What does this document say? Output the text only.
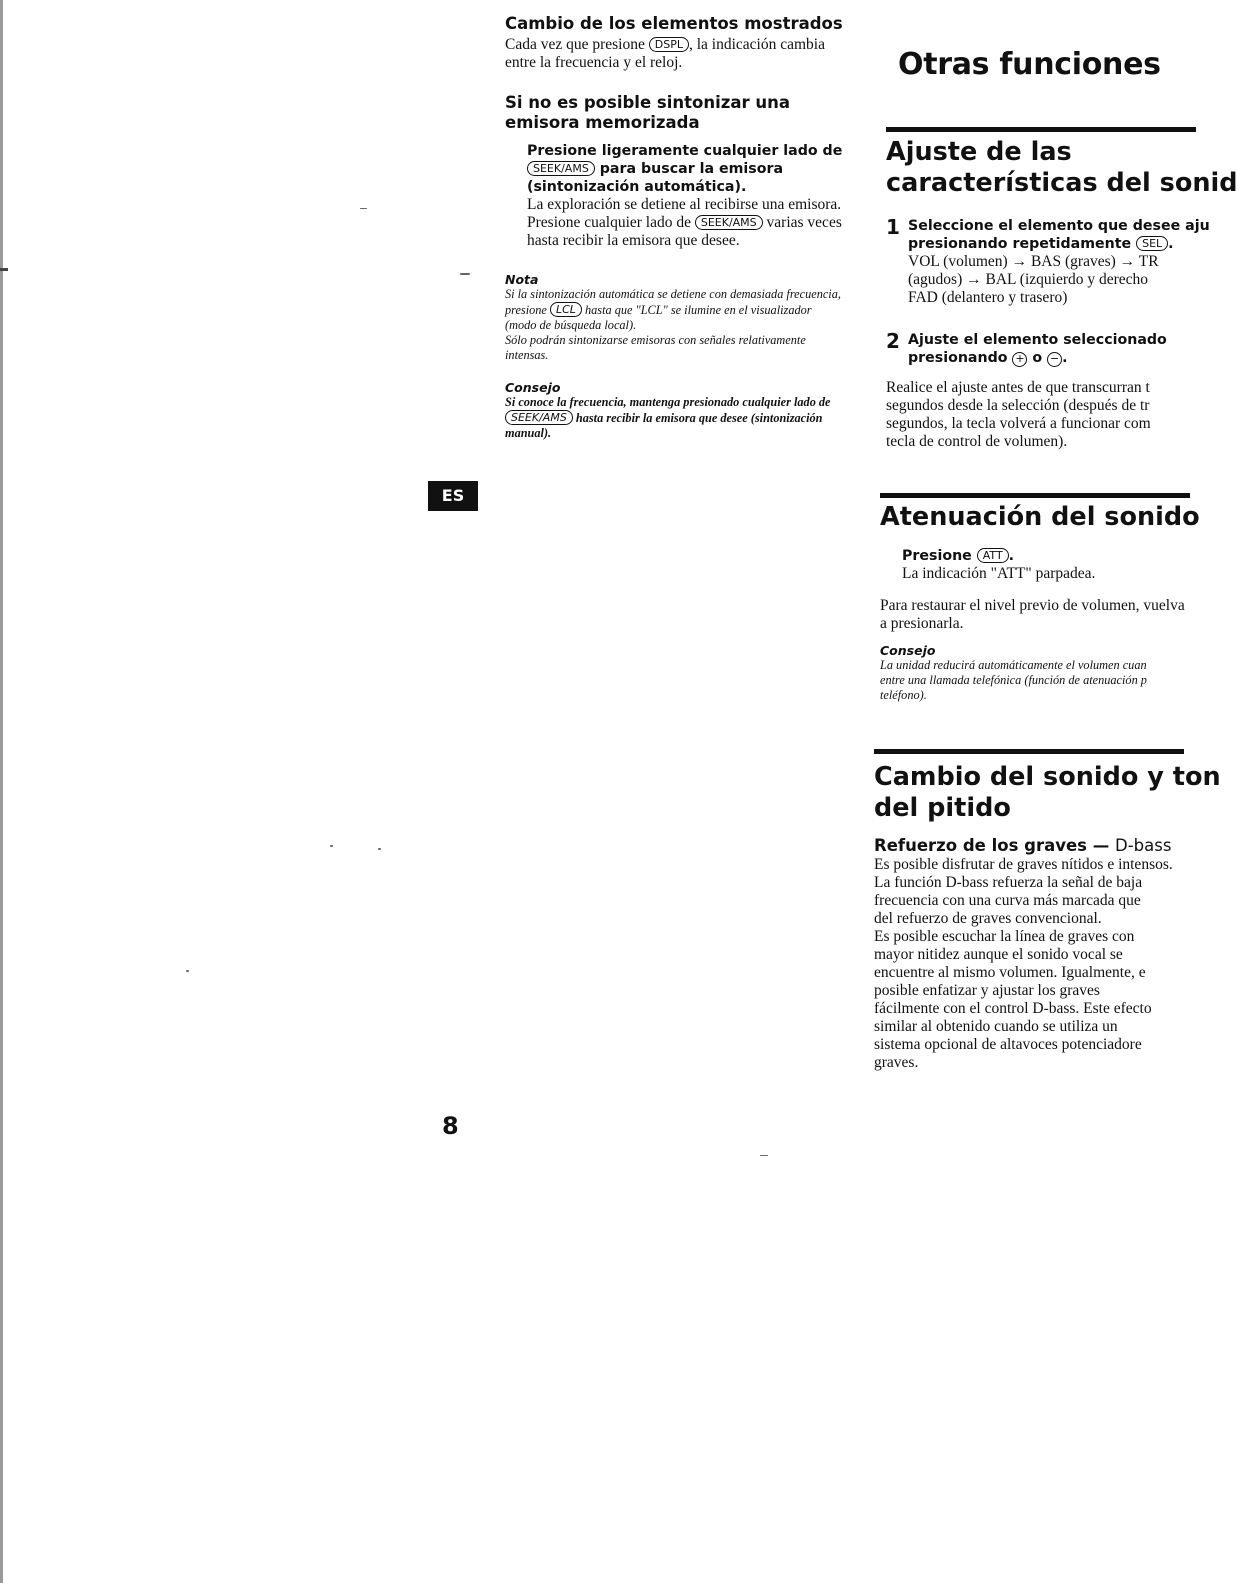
Cambio de los elementos mostrados
Cada vez que presione DSPL , la indicación cambia entre la frecuencia y el reloj.
Si no es posible sintonizar una emisora memorizada
Presione ligeramente cualquier lado de SEEK/AMS para buscar la emisora (sintonización automática).
La exploración se detiene al recibirse una emisora. Presione cualquier lado de SEEK/AMS varias veces hasta recibir la emisora que desee.
Nota
Si la sintonización automática se detiene con demasiada frecuencia, presione LCL hasta que "LCL" se ilumine en el visualizador (modo de búsqueda local).
Sólo podrán sintonizarse emisoras con señales relativamente intensas.
Consejo
Si conoce la frecuencia, mantenga presionado cualquier lado de SEEK/AMS hasta recibir la emisora que desee (sintonización manual).
ES
8
Otras funciones
Ajuste de las
características del sonid
1 Seleccione el elemento que desee aju
presionando repetidamente SEL .
VOL (volumen) → BAS (graves) → TR
(agudos) → BAL (izquierdo y derecho
FAD (delantero y trasero)
2 Ajuste el elemento seleccionado
presionando + o − .
Realice el ajuste antes de que transcurran t
segundos desde la selección (después de tr
segundos, la tecla volverá a funcionar com
tecla de control de volumen).
Atenuación del sonido
Presione ATT .
La indicación "ATT" parpadea.
Para restaurar el nivel previo de volumen, vuelva a presionarla.
Consejo
La unidad reducirá automáticamente el volumen cuan
entre una llamada telefónica (función de atenuación p
teléfono).
Cambio del sonido y ton
del pitido
Refuerzo de los graves — D-bass
Es posible disfrutar de graves nítidos e intensos.
La función D-bass refuerza la señal de baja
frecuencia con una curva más marcada que
del refuerzo de graves convencional.
Es posible escuchar la línea de graves con
mayor nitidez aunque el sonido vocal se
encuentre al mismo volumen. Igualmente, e
posible enfatizar y ajustar los graves
fácilmente con el control D-bass. Este efecto
similar al obtenido cuando se utiliza un
sistema opcional de altavoces potenciadore
graves.
